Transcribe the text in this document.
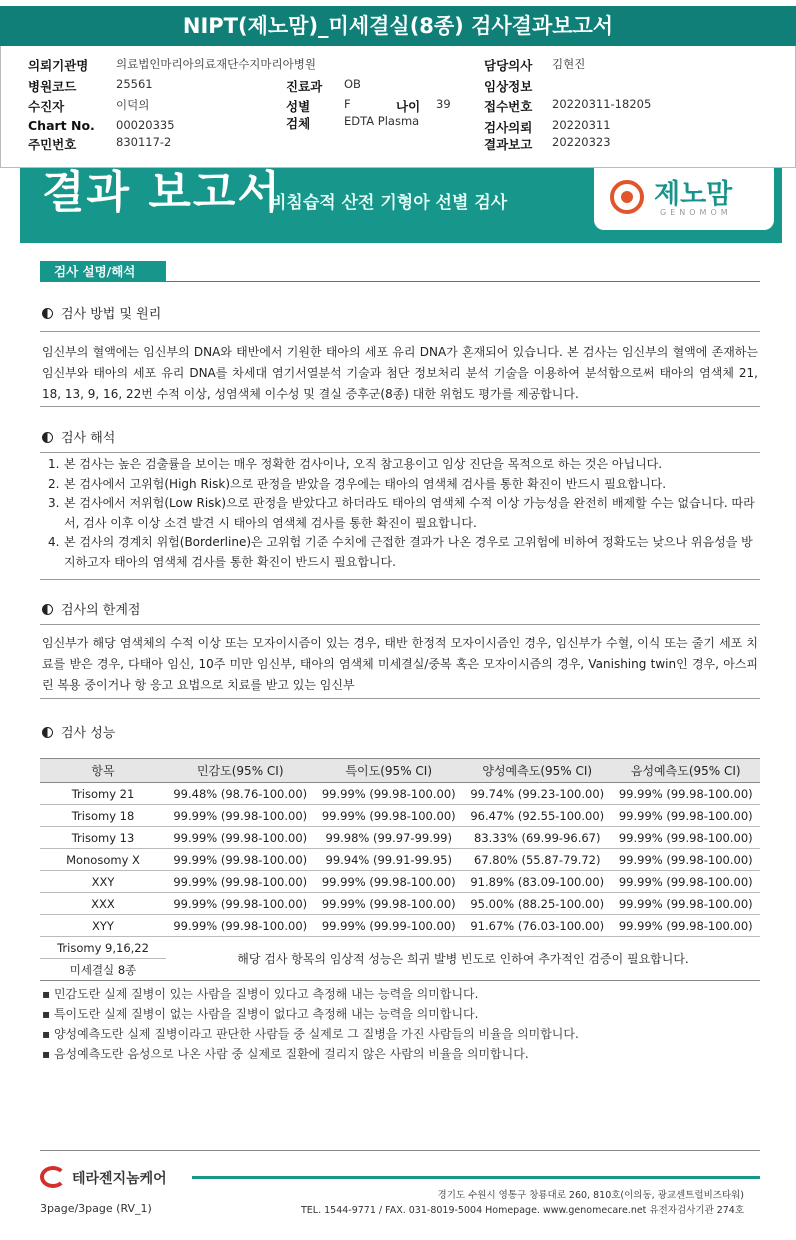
NIPT(제노맘)_미세결실(8종) 검사결과보고서
의뢰기관명 의료법인마리아의료재단수지마리아병원
병원코드	25561
수진자	이덕의
Chart No. 00020335
주민번호	830117-2
진료과 OB
성별	F	나이 39
검체	EDTA Plasma
담당의사 김현진
임상정보
접수번호 20220311-18205
검사의뢰 20220311
결과보고 20220323
결과 보고서
비침습적 산전 기형아 선별 검사	제노맘
GENOMOM
검사 설명/해석
검사 방법 및 원리
임신부의 혈액에는 임신부의 DNA와 태반에서 기원한 태아의 세포 유리 DNA가 혼재되어 있습니다. 본 검사는 임신부의 혈액에 존재하는 임신부와 태아의 세포 유리 DNA를 차세대 염기서열분석 기술과 첨단 정보처리 분석 기술을 이용하여 분석함으로써 태아의 염색체 21, 18, 13, 9, 16, 22번 수적 이상, 성염색체 이수성 및 결실 증후군(8종) 대한 위험도 평가를 제공합니다.
검사 해석
1. 본 검사는 높은 검출률을 보이는 매우 정확한 검사이나, 오직 참고용이고 임상 진단을 목적으로 하는 것은 아닙니다.
2. 본 검사에서 고위험(High Risk)으로 판정을 받았을 경우에는 태아의 염색체 검사를 통한 확진이 반드시 필요합니다.
3. 본 검사에서 저위험(Low Risk)으로 판정을 받았다고 하더라도 태아의 염색체 수적 이상 가능성을 완전히 배제할 수는 없습니다. 따라서, 검사 이후 이상 소견 발견 시 태아의 염색체 검사를 통한 확진이 필요합니다.
4. 본 검사의 경계치 위험(Borderline)은 고위험 기준 수치에 근접한 결과가 나온 경우로 고위험에 비하여 정확도는 낮으나 위음성을 방지하고자 태아의 염색체 검사를 통한 확진이 반드시 필요합니다.
검사의 한계점
임신부가 해당 염색체의 수적 이상 또는 모자이시즘이 있는 경우, 태반 한정적 모자이시즘인 경우, 임신부가 수혈, 이식 또는 줄기 세포 치료를 받은 경우, 다태아 임신, 10주 미만 임신부, 태아의 염색체 미세결실/중복 혹은 모자이시즘의 경우, Vanishing twin인 경우, 아스피린 복용 중이거나 항 응고 요법으로 치료를 받고 있는 임신부
검사 성능
항목	민감도(95% CI)	특이도(95% CI)	양성예측도(95% CI)	음성예측도(95% CI)
Trisomy 21	99.48% (98.76-100.00)	99.99% (99.98-100.00)	99.74% (99.23-100.00)	99.99% (99.98-100.00)
Trisomy 18	99.99% (99.98-100.00)	99.99% (99.98-100.00)	96.47% (92.55-100.00)	99.99% (99.98-100.00)
Trisomy 13	99.99% (99.98-100.00)	99.98% (99.97-99.99)	83.33% (69.99-96.67)	99.99% (99.98-100.00)
Monosomy X	99.99% (99.98-100.00)	99.94% (99.91-99.95)	67.80% (55.87-79.72)	99.99% (99.98-100.00)
XXY	99.99% (99.98-100.00)	99.99% (99.98-100.00)	91.89% (83.09-100.00)	99.99% (99.98-100.00)
XXX	99.99% (99.98-100.00)	99.99% (99.98-100.00)	95.00% (88.25-100.00)	99.99% (99.98-100.00)
XYY	99.99% (99.98-100.00)	99.99% (99.99-100.00)	91.67% (76.03-100.00)	99.99% (99.98-100.00)
Trisomy 9,16,22	해당 검사 항목의 임상적 성능은 희귀 발병 빈도로 인하여 추가적인 검증이 필요합니다.			
미세결실 8종				
▪ 민감도란 실제 질병이 있는 사람을 질병이 있다고 측정해 내는 능력을 의미합니다.
▪ 특이도란 실제 질병이 없는 사람을 질병이 없다고 측정해 내는 능력을 의미합니다.
▪ 양성예측도란 실제 질병이라고 판단한 사람들 중 실제로 그 질병을 가진 사람들의 비율을 의미합니다.
▪ 음성예측도란 음성으로 나온 사람 중 실제로 질환에 걸리지 않은 사람의 비율을 의미합니다.
테라젠지놈케어
3page/3page (RV_1)
경기도 수원시 영통구 창룡대로 260, 810호(이의동, 광교센트럴비즈타워)
TEL. 1544-9771 / FAX. 031-8019-5004 Homepage. www.genomecare.net 유전자검사기관 274호
